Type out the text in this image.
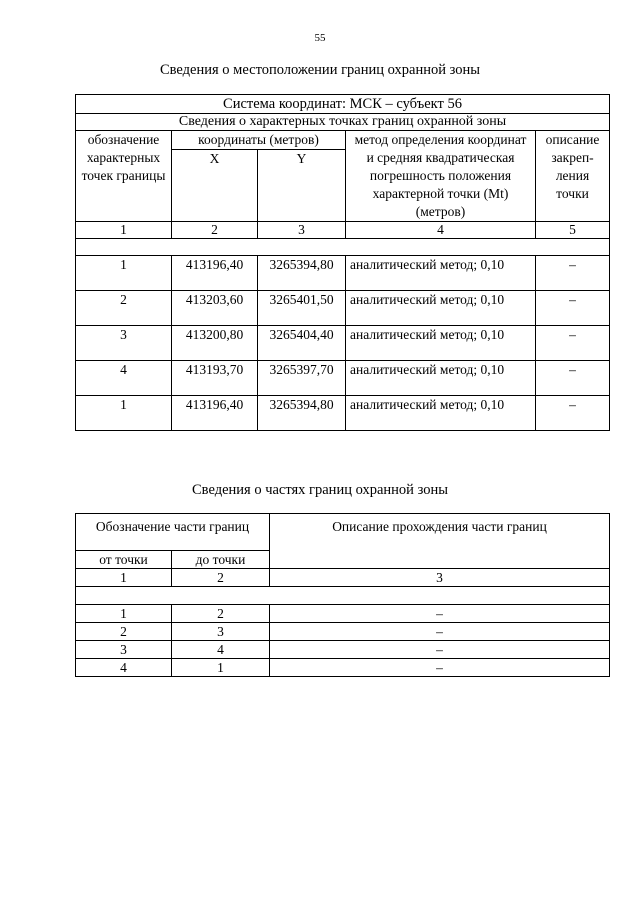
55
Сведения о местоположении границ охранной зоны
Система координат: МСК – субъект 56				
Сведения о характерных точках границ охранной зоны				
обозначение характерных точек границы	координаты (метров)		метод определения координат и средняя квадратическая погрешность положения характерной точки (Mt) (метров)	описание закреп-ления точки
	X	Y		
1	2	3	4	5

1	413196,40	3265394,80	аналитический метод; 0,10	–
2	413203,60	3265401,50	аналитический метод; 0,10	–
3	413200,80	3265404,40	аналитический метод; 0,10	–
4	413193,70	3265397,70	аналитический метод; 0,10	–
1	413196,40	3265394,80	аналитический метод; 0,10	–
Сведения о частях границ охранной зоны
Обозначение части границ		Описание прохождения части границ
от точки	до точки	
1	2	3

1	2	–
2	3	–
3	4	–
4	1	–
